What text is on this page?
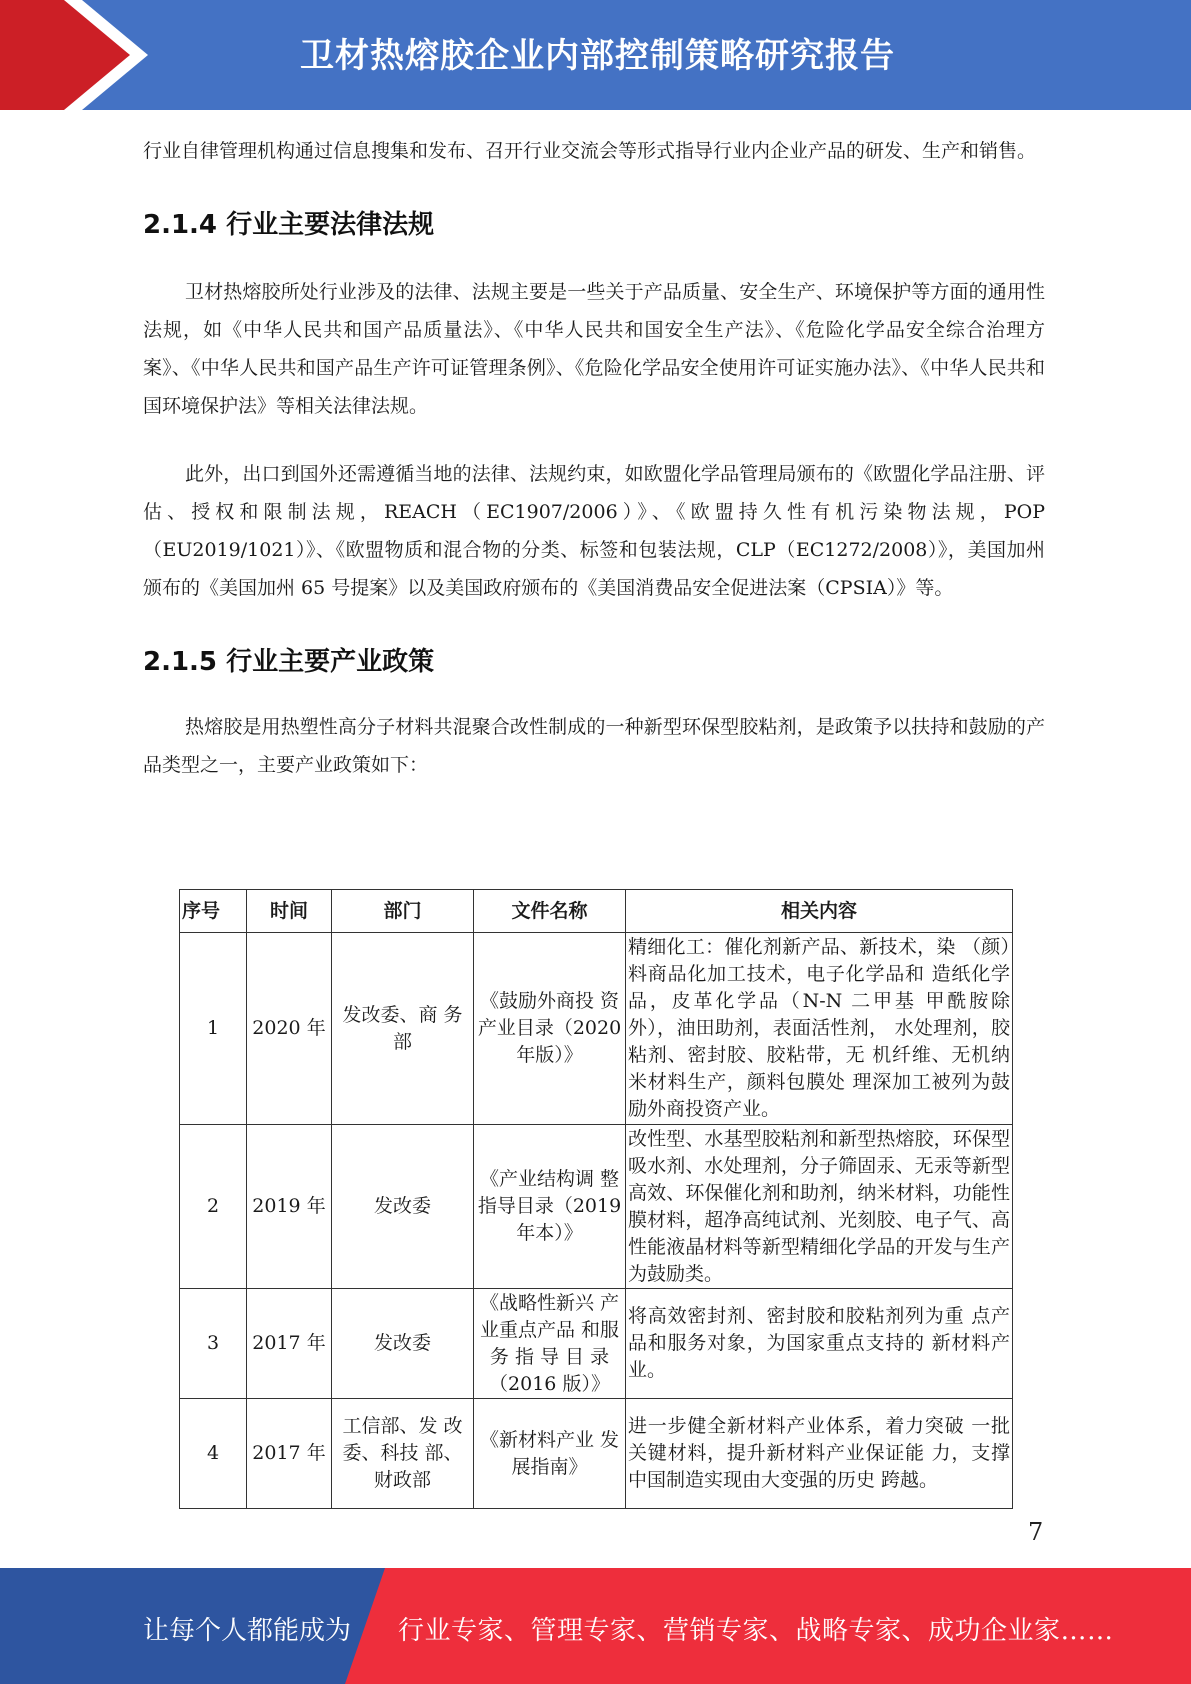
卫材热熔胶企业内部控制策略研究报告

行业自律管理机构通过信息搜集和发布、召开行业交流会等形式指导行业内企业产品的研发、生产和销售。

2.1.4 行业主要法律法规

卫材热熔胶所处行业涉及的法律、法规主要是一些关于产品质量、安全生产、环境保护等方面的通用性法规，如《中华人民共和国产品质量法》、《中华人民共和国安全生产法》、《危险化学品安全综合治理方案》、《中华人民共和国产品生产许可证管理条例》、《危险化学品安全使用许可证实施办法》、《中华人民共和国环境保护法》等相关法律法规。

此外，出口到国外还需遵循当地的法律、法规约束，如欧盟化学品管理局颁布的《欧盟化学品注册、评估、授权和限制法规，REACH（EC1907/2006）》、《欧盟持久性有机污染物法规，POP（EU2019/1021）》、《欧盟物质和混合物的分类、标签和包装法规，CLP（EC1272/2008）》，美国加州颁布的《美国加州 65 号提案》以及美国政府颁布的《美国消费品安全促进法案（CPSIA）》等。

2.1.5 行业主要产业政策

热熔胶是用热塑性高分子材料共混聚合改性制成的一种新型环保型胶粘剂，是政策予以扶持和鼓励的产品类型之一，主要产业政策如下：

序号	时间	部门	文件名称	相关内容
1	2020 年	发改委、商 务部	《鼓励外商投 资产业目录（2020 年版）》	精细化工：催化剂新产品、新技术，染 （颜）料商品化加工技术，电子化学品和 造纸化学品，皮革化学品（N-N 二甲基 甲酰胺除外），油田助剂，表面活性剂， 水处理剂，胶粘剂、密封胶、胶粘带，无 机纤维、无机纳米材料生产，颜料包膜处 理深加工被列为鼓励外商投资产业。
2	2019 年	发改委	《产业结构调 整指导目录（2019 年本）》	改性型、水基型胶粘剂和新型热熔胶，环保型吸水剂、水处理剂，分子筛固汞、无汞等新型高效、环保催化剂和助剂，纳米材料，功能性膜材料，超净高纯试剂、光刻胶、电子气、高性能液晶材料等新型精细化学品的开发与生产为鼓励类。
3	2017 年	发改委	《战略性新兴 产业重点产品 和服务 指 导 目 录（2016 版）》	将高效密封剂、密封胶和胶粘剂列为重 点产品和服务对象，为国家重点支持的 新材料产业。
4	2017 年	工信部、发 改委、科技 部、财政部	《新材料产业 发展指南》	进一步健全新材料产业体系，着力突破 一批关键材料，提升新材料产业保证能 力，支撑中国制造实现由大变强的历史 跨越。
7
让每个人都能成为 行业专家、管理专家、营销专家、战略专家、成功企业家……
